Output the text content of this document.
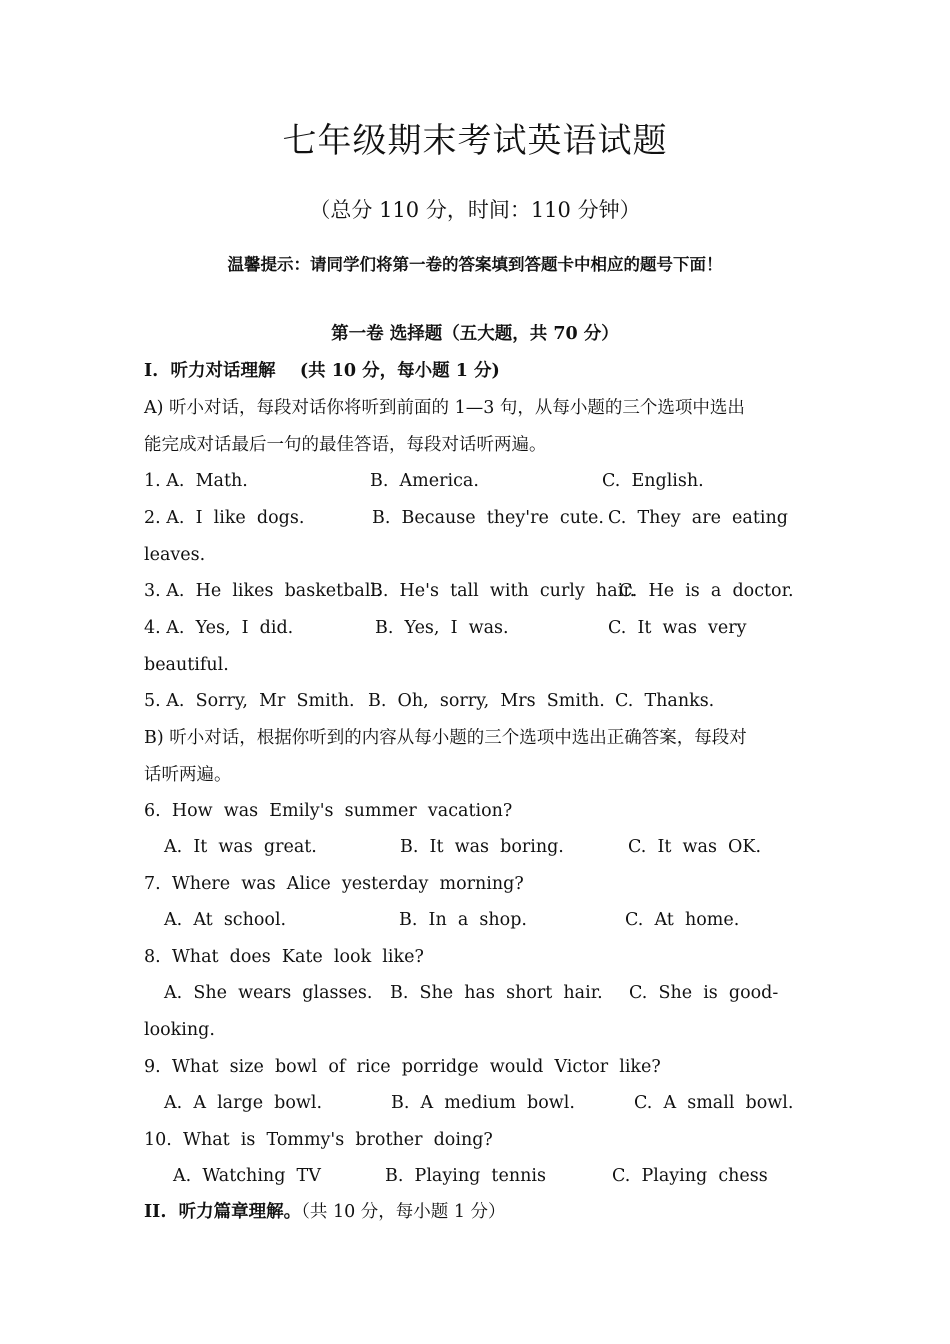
七年级期末考试英语试题
（总分 110 分，时间：110 分钟）
温馨提示：请同学们将第一卷的答案填到答题卡中相应的题号下面！
第一卷 选择题（五大题，共 70 分）
I.  听力对话理解    (共 10 分，每小题 1 分)
A) 听小对话，每段对话你将听到前面的 1—3 句，从每小题的三个选项中选出
能完成对话最后一句的最佳答语，每段对话听两遍。
1. A.  Math.	B.  America.	C.  English.
2. A.  I  like  dogs.	B.  Because  they're  cute. C.  They  are  eating
leaves.
3. A.  He  likes  basketball.
B.  He's  tall  with  curly  hair.
C.  He  is  a  doctor.
4. A.  Yes,  I  did.	B.  Yes,  I  was.	C.  It  was  very
beautiful.
5. A.  Sorry,  Mr  Smith. B.  Oh,  sorry,  Mrs  Smith. C.  Thanks.
B) 听小对话，根据你听到的内容从每小题的三个选项中选出正确答案，每段对
话听两遍。
6.  How  was  Emily's  summer  vacation?
A.  It  was  great.	B.  It  was  boring.	C.  It  was  OK.
7.  Where  was  Alice  yesterday  morning?
A.  At  school.	B.  In  a  shop.	C.  At  home.
8.  What  does  Kate  look  like?
A.  She  wears  glasses. B.  She  has  short  hair. C.  She  is  good-
looking.
9.  What  size  bowl  of  rice  porridge  would  Victor  like?
A.  A  large  bowl.	B.  A  medium  bowl.	C.  A  small  bowl.
10.  What  is  Tommy's  brother  doing?
A.  Watching  TV	B.  Playing  tennis	C.  Playing  chess
II.  听力篇章理解。（共 10 分，每小题 1 分）
